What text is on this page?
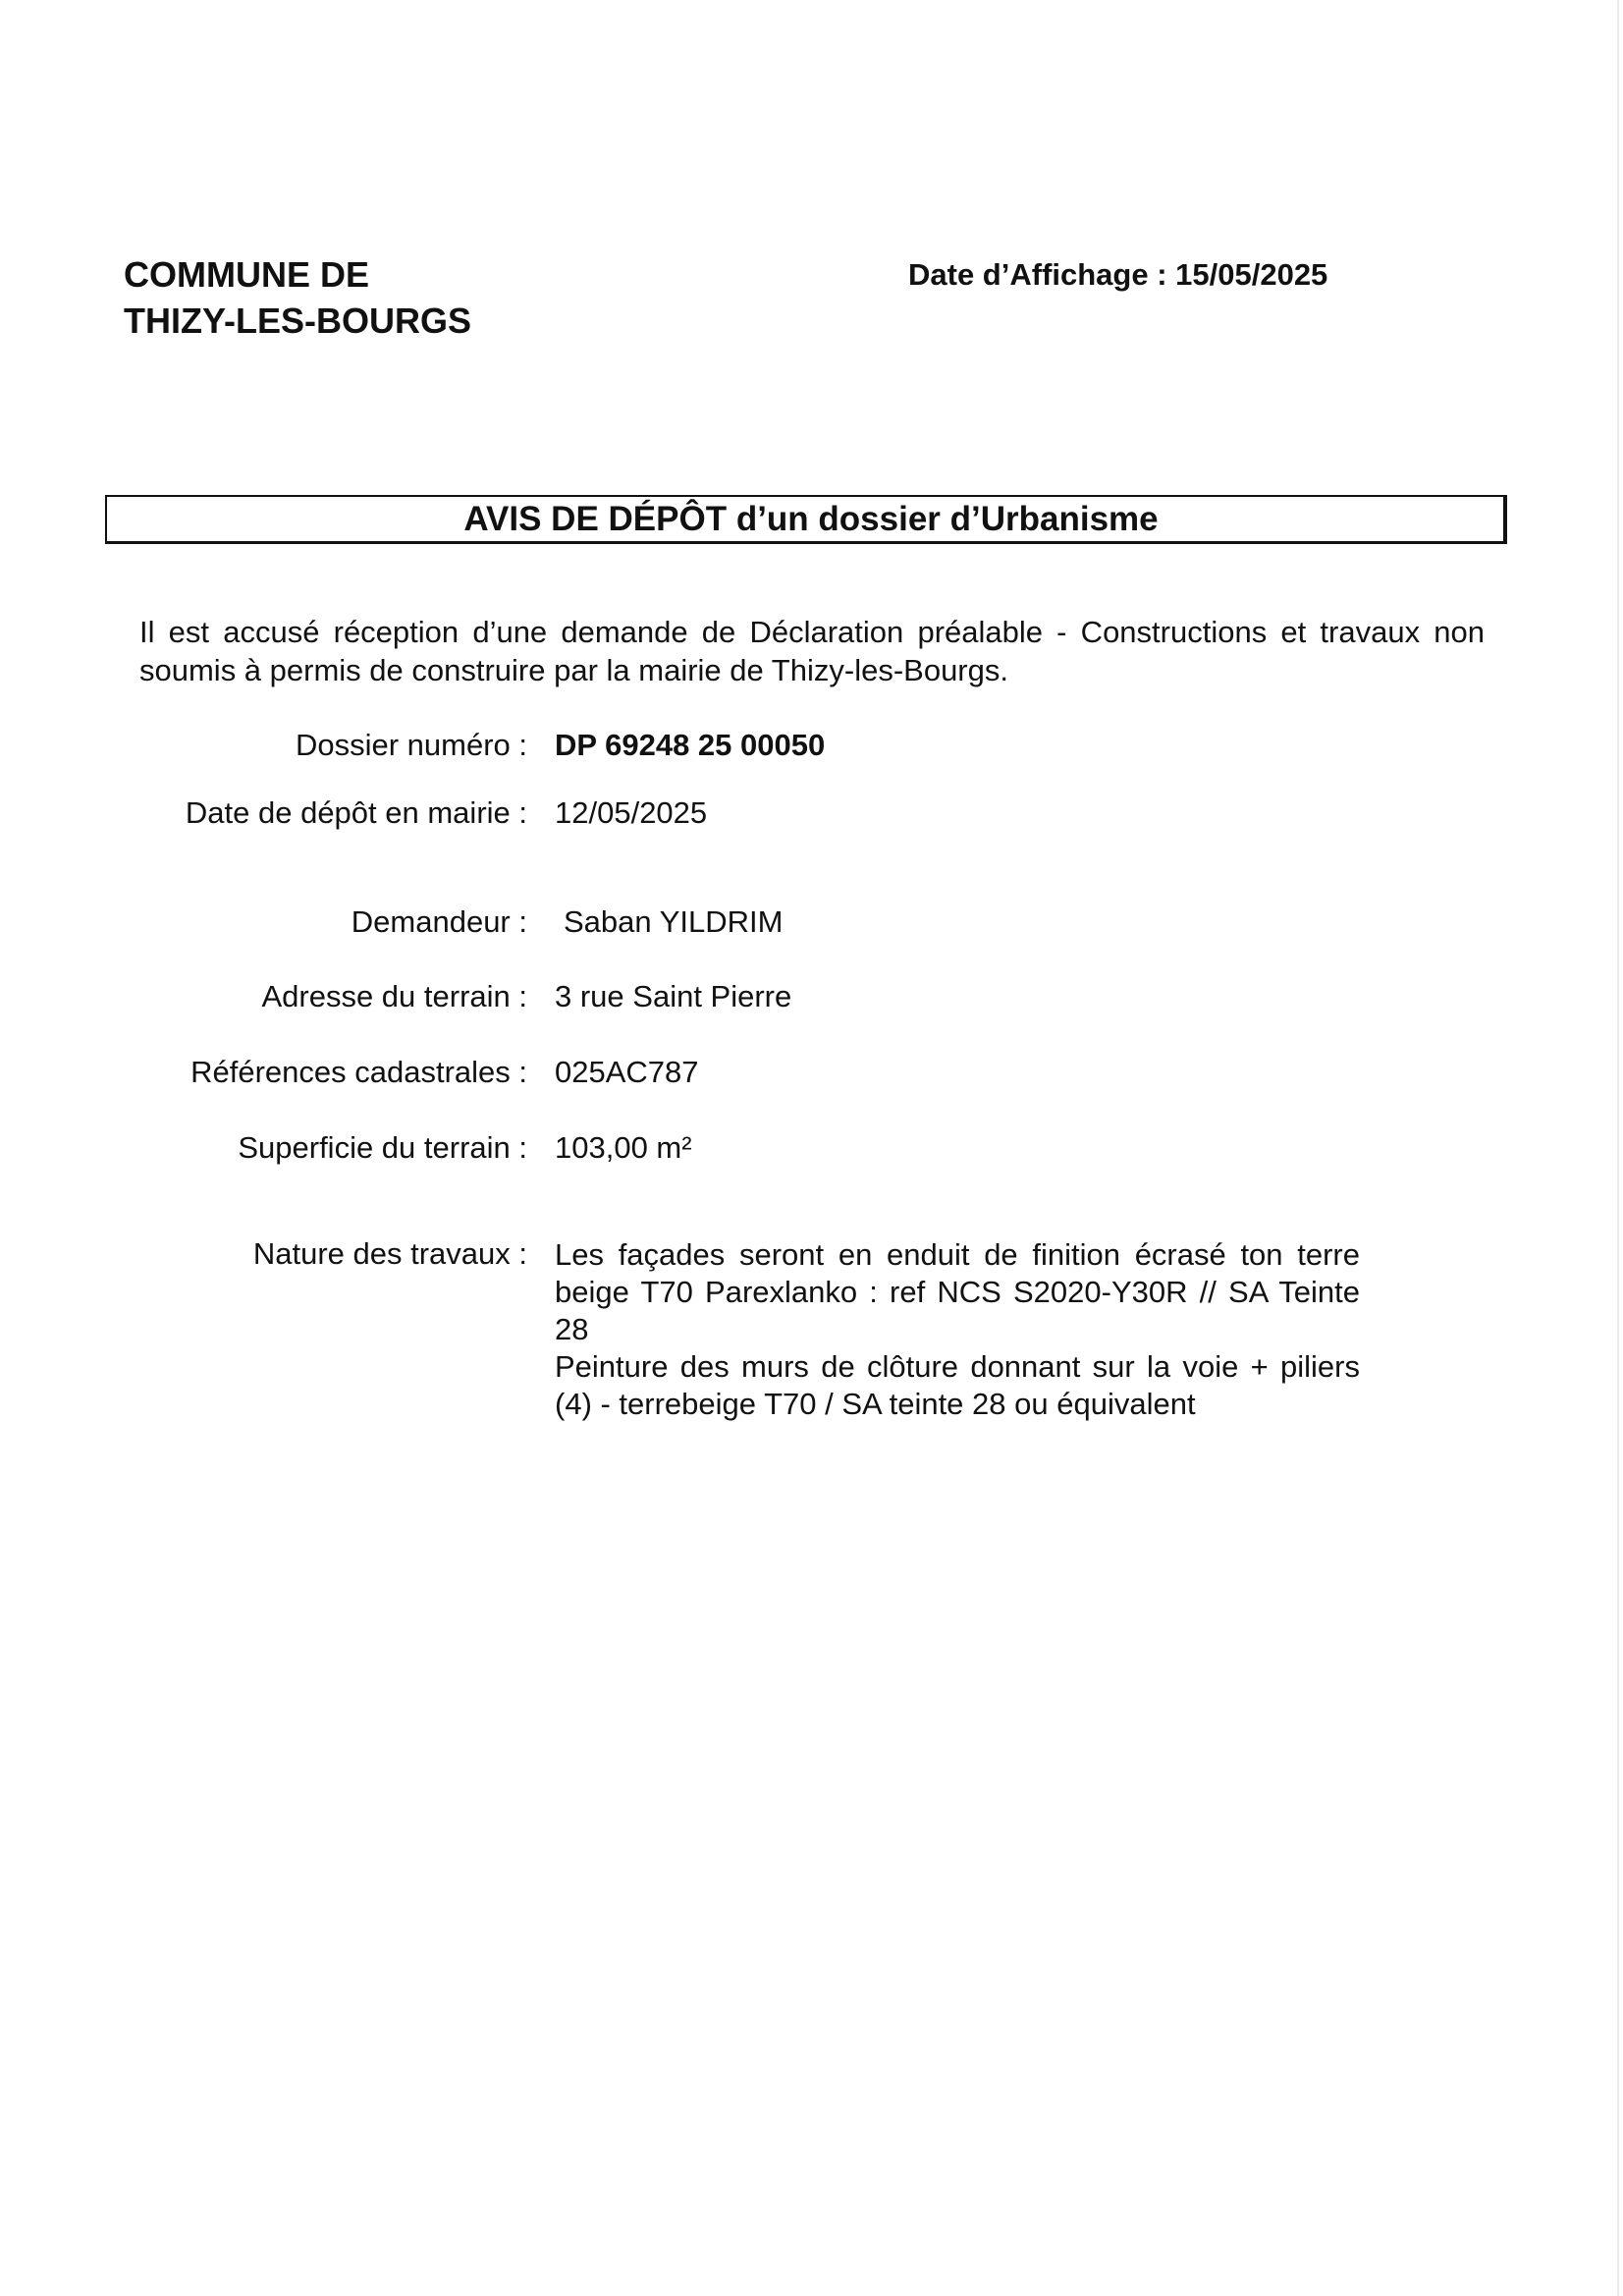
COMMUNE DE
THIZY-LES-BOURGS
Date d’Affichage : 15/05/2025
AVIS DE DÉPÔT d’un dossier d’Urbanisme
Il est accusé réception d’une demande de Déclaration préalable - Constructions et travaux non soumis à permis de construire par la mairie de Thizy-les-Bourgs.
Dossier numéro : DP 69248 25 00050
Date de dépôt en mairie : 12/05/2025
Demandeur : Saban YILDRIM
Adresse du terrain : 3 rue Saint Pierre
Références cadastrales : 025AC787
Superficie du terrain : 103,00 m²
Nature des travaux : Les façades seront en enduit de finition écrasé ton terre beige T70 Parexlanko : ref NCS S2020-Y30R // SA Teinte 28
Peinture des murs de clôture donnant sur la voie + piliers (4) - terrebeige T70 / SA teinte 28 ou équivalent
